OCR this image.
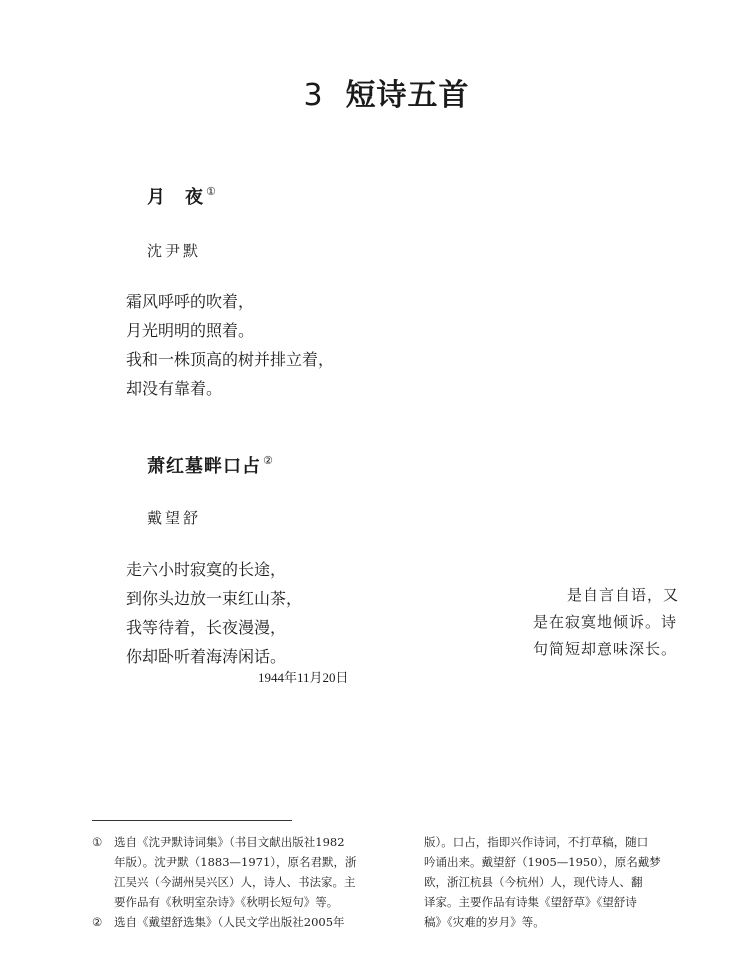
3 短诗五首
月　夜 ①
沈尹默
霜风呼呼的吹着，
月光明明的照着。
我和一株顶高的树并排立着，
却没有靠着。
萧红墓畔口占 ②
戴望舒
走六小时寂寞的长途，
到你头边放一束红山茶，
我等待着，长夜漫漫，
你却卧听着海涛闲话。
1944年11月20日
是自言自语，又
是在寂寞地倾诉。诗
句简短却意味深长。
① 选自《沈尹默诗词集》（书目文献出版社1982
年版）。沈尹默（1883—1971），原名君默，浙
江吴兴（今湖州吴兴区）人，诗人、书法家。主
要作品有《秋明室杂诗》《秋明长短句》等。
② 选自《戴望舒选集》（人民文学出版社2005年
版）。口占，指即兴作诗词，不打草稿，随口
吟诵出来。戴望舒（1905—1950），原名戴梦
欧，浙江杭县（今杭州）人，现代诗人、翻
译家。主要作品有诗集《望舒草》《望舒诗
稿》《灾难的岁月》等。
